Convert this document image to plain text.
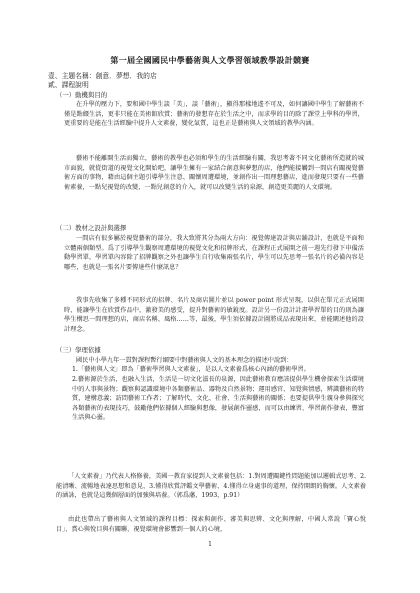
第一屆全國國民中學藝術與人文學習領域教學設計競賽
壹、主題名稱：創意．夢想．我的店
貳、課程說明
（一）動機與目的

在升學的壓力下，要和國中學生談「美」，談「藝術」，顯得那樣地遙不可及，如何讓國中學生了解藝術不僅是點綴生活，更非只能在美術館欣賞；藝術的發想存在於生活之中，而求學的目的除了課堂上學科的學習，更重要的是能在生活經驗中提升人文素養，變化氣質，這也正是藝術與人文領域的教學內涵。

藝術不能離開生活而獨立，藝術的教學也必須和學生的生活經驗有關，我思考著不同文化藝術所造就的城市面貌，就從街道的視覺文化開始吧，讓學生擁有一家結合創意與夢想的店，他們能接觸到一間店有關視覺藝術方面的事物，藉由這個主題引導學生注意、關懷周遭環境，並創作出一間理想藝店，進而發現只要有一些藝術素養，一點兒視覺的改變，一點兒創意的介入，就可以改變生活的泉源，創造更美麗的人文環境。

（二）教材之設計與選擇

一間店有很多屬於視覺藝術的部分，我大致將其分為兩大方向：視覺傳達設計與店舖設計，也就是平面和立體兩個類型。爲了引導學生觀察周遭環境的視覺文化和招牌形式，在課程正式展開之前一週先行發下申備活動學習單，學習單內容除了招牌觀察之外也讓學生自行收集兩張名片，學生可以先思考一張名片的必備內容是哪些，也就是一張名片要傳達些什麼訊息？

我事先收集了多種不同形式的招牌、名片及商店圖片並以 power point 形式呈現，以供在單元正式展開時，能讓學生在欣賞作品中，激發美的感受，提升對藝術的敏銳度。設計另一份設計計畫學習單的目的則為讓學生構思一間理想的店，商店名稱、風格……等，最後，學生須依據設計圖將成品表現出來，並能闡述他的設計理念。

（三）學理依據

國民中小學九年一貫對課程暫行綱要中對藝術與人文的基本理念的描述中說到：

1.「藝術與人文」即為「藝術學習與人文素養」，是以人文素養爲核心內涵的藝術學習。
2.藝術源於生活，也融入生活，生活是一切文化滋長的泉源，因此藝術教育應該提供學生機會探索生活環境中的人事與景物；觀察與認識環境中各類藝術品、器物及自然景物；運用感官、知覺與情感，辨識藝術的特質，建構意義；訪問藝術工作者；了解時代、文化、社會、生活與藝術的關係；也要提供學生親身參與探究各類藝術的表現技巧，鼓勵他們依據個人經驗與想像，發展創作靈感，而可以由練習、學習創作發表，豐富生活與心靈。

「人文素養」乃代表人格修養，美國一教育家提到人文素養包括：1.對周遭關鍵性問題能加以邏輯式思考、2.能清晰、流暢地表達思想和意見、3.懂得欣賞評鑑文學藝術、4.懂得立身處事的道理，保持開朗的胸懷。人文素養的涵詠，也就是這幾個層面的加強與培養。（郭爲藩，1993，p.91）

由此也帶出了藝術與人文領域的課程目標：探索與創作、審美與思辨、文化與理解，中國人常說「寶心悅目」、賞心與悅目與有關聯，視覺環境會影響到一個人的心境，

1
